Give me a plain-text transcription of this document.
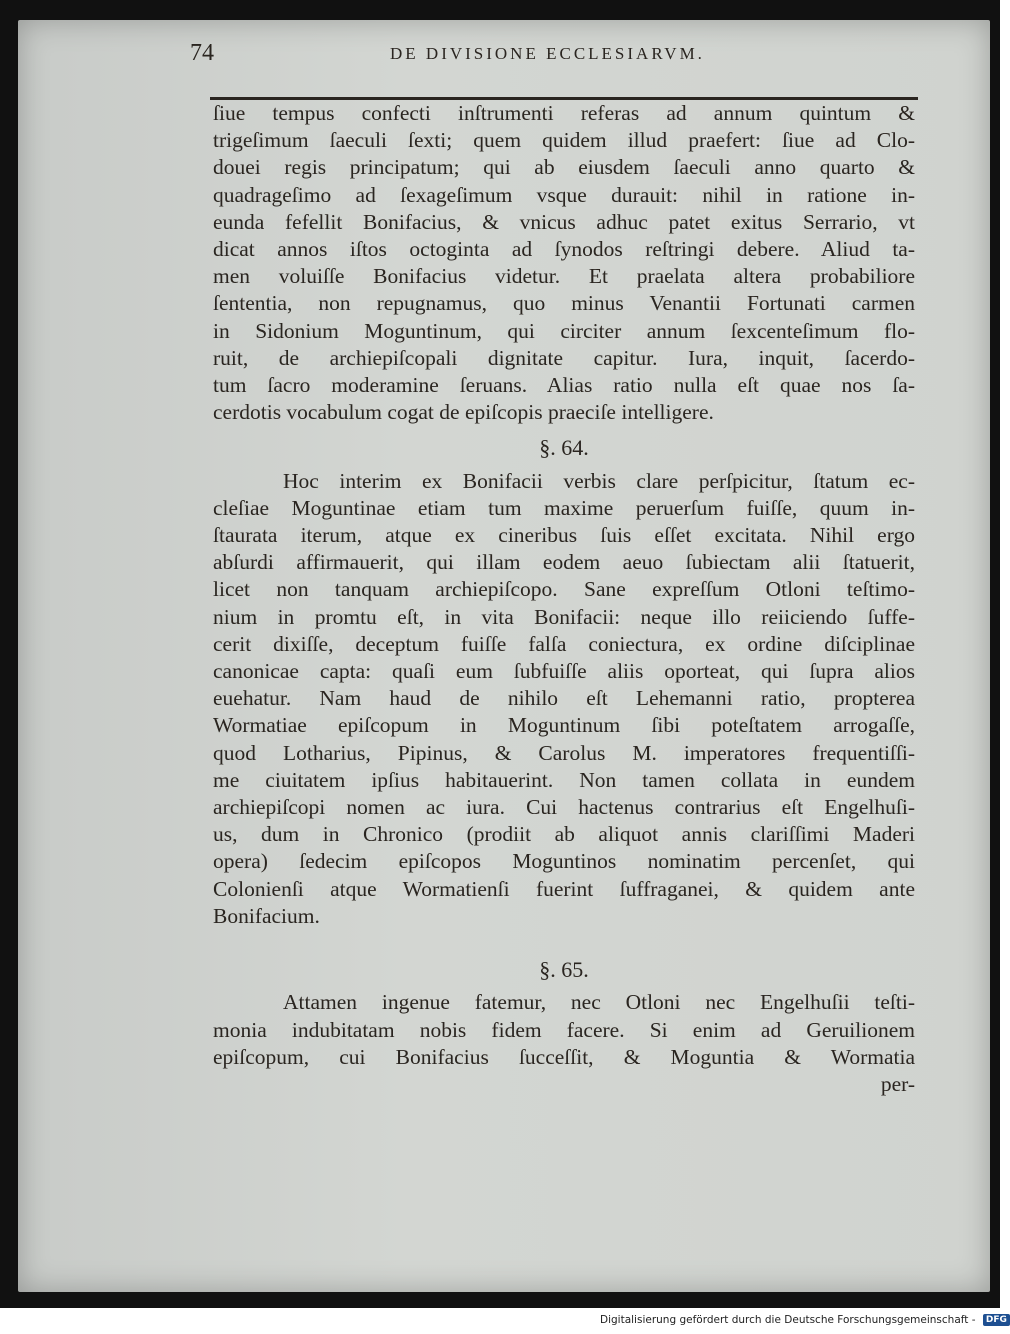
74	DE DIVISIONE ECCLESIARVM.
ſiue tempus confecti inſtrumenti referas ad annum quintum &
trigeſimum ſaeculi ſexti; quem quidem illud praefert: ſiue ad Clo-
douei regis principatum; qui ab eiusdem ſaeculi anno quarto &
quadrageſimo ad ſexageſimum vsque durauit: nihil in ratione in-
eunda fefellit Bonifacius, & vnicus adhuc patet exitus Serrario, vt
dicat annos iſtos octoginta ad ſynodos reſtringi debere. Aliud ta-
men voluiſſe Bonifacius videtur. Et praelata altera probabiliore
ſententia, non repugnamus, quo minus Venantii Fortunati carmen
in Sidonium Moguntinum, qui circiter annum ſexcenteſimum flo-
ruit, de archiepiſcopali dignitate capitur. Iura, inquit, ſacerdo-
tum ſacro moderamine ſeruans. Alias ratio nulla eſt quae nos ſa-
cerdotis vocabulum cogat de epiſcopis praeciſe intelligere.
§. 64.
Hoc interim ex Bonifacii verbis clare perſpicitur, ſtatum ec-
cleſiae Moguntinae etiam tum maxime peruerſum fuiſſe, quum in-
ſtaurata iterum, atque ex cineribus ſuis eſſet excitata. Nihil ergo
abſurdi affirmauerit, qui illam eodem aeuo ſubiectam alii ſtatuerit,
licet non tanquam archiepiſcopo. Sane expreſſum Otloni teſtimo-
nium in promtu eſt, in vita Bonifacii: neque illo reiiciendo ſuffe-
cerit dixiſſe, deceptum fuiſſe falſa coniectura, ex ordine diſciplinae
canonicae capta: quaſi eum ſubfuiſſe aliis oporteat, qui ſupra alios
euehatur. Nam haud de nihilo eſt Lehemanni ratio, propterea
Wormatiae epiſcopum in Moguntinum ſibi poteſtatem arrogaſſe,
quod Lotharius, Pipinus, & Carolus M. imperatores frequentiſſi-
me ciuitatem ipſius habitauerint. Non tamen collata in eundem
archiepiſcopi nomen ac iura. Cui hactenus contrarius eſt Engelhuſi-
us, dum in Chronico (prodiit ab aliquot annis clariſſimi Maderi
opera) ſedecim epiſcopos Moguntinos nominatim percenſet, qui
Colonienſi atque Wormatienſi fuerint ſuffraganei, & quidem ante
Bonifacium.
§. 65.
Attamen ingenue fatemur, nec Otloni nec Engelhuſii teſti-
monia indubitatam nobis fidem facere. Si enim ad Geruilionem
epiſcopum, cui Bonifacius ſucceſſit, & Moguntia & Wormatia
per-
Digitalisierung gefördert durch die Deutsche Forschungsgemeinschaft - DFG
